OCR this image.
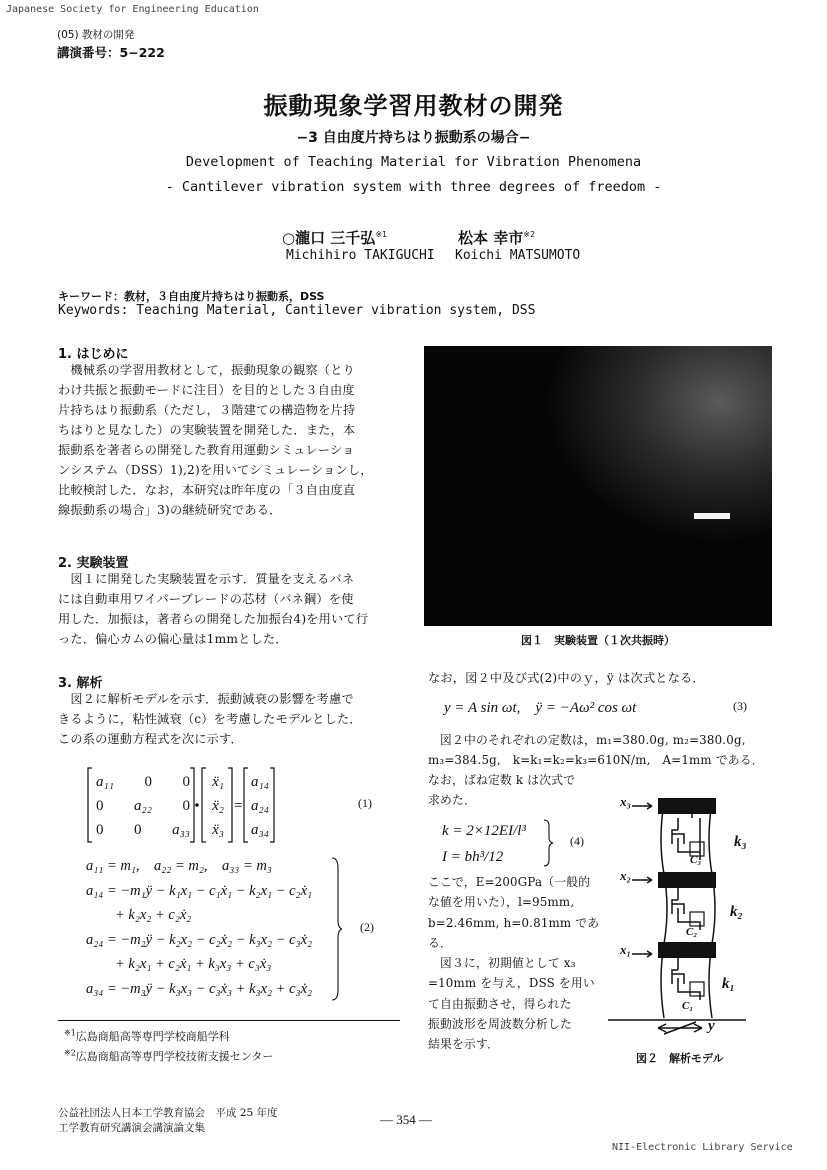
Japanese Society for Engineering Education
(05) 教材の開発
講演番号：5−222
振動現象学習用教材の開発
−3 自由度片持ちはり振動系の場合−
Development of Teaching Material for Vibration Phenomena
- Cantilever vibration system with three degrees of freedom -
○瀧口 三千弘$^{※1}$
Michihiro TAKIGUCHI
松本 幸市$^{※2}$
Koichi MATSUMOTO
キーワード：教材，３自由度片持ちはり振動系，DSS
Keywords: Teaching Material, Cantilever vibration system, DSS
1. はじめに
　機械系の学習用教材として，振動現象の観察（とり
わけ共振と振動モードに注目）を目的とした３自由度
片持ちはり振動系（ただし，３階建ての構造物を片持
ちはりと見なした）の実験装置を開発した．また，本
振動系を著者らの開発した教育用運動シミュレーショ
ンシステム（DSS）1),2)を用いてシミュレーションし，
比較検討した．なお，本研究は昨年度の「３自由度直
線振動系の場合」3)の継続研究である．
2. 実験装置
　図１に開発した実験装置を示す．質量を支えるバネ
には自動車用ワイパーブレードの芯材（バネ鋼）を使
用した．加振は，著者らの開発した加振台4)を用いて行
った．偏心カムの偏心量は1mmとした．	図１　実験装置（１次共振時）
3. 解析
　図２に解析モデルを示す．振動減衰の影響を考慮で
きるように，粘性減衰（c）を考慮したモデルとした．
この系の運動方程式を次に示す．
=
a₁₁ 0 0
0 a₂₂ 0
0 0 a₃₃
ẍ₁
ẍ₂
ẍ₃
a₁₄
a₂₄
a₃₄
(1)
a₁₁ = m₁,　a₂₂ = m₂,　a₃₃ = m₃
a₁₄ = −m₁ÿ − k₁x₁ − c₁ẋ₁ − k₂x₁ − c₂ẋ₁
　　+ k₂x₂ + c₂ẋ₂
a₂₄ = −m₂ÿ − k₂x₂ − c₂ẋ₂ − k₃x₂ − c₃ẋ₂
　　+ k₂x₁ + c₂ẋ₁ + k₃x₃ + c₃ẋ₃
a₃₄ = −m₃ÿ − k₃x₃ − c₃ẋ₃ + k₃x₂ + c₃ẋ₂
(2)
$^{※1}$広島商船高等専門学校商船学科
$^{※2}$広島商船高等専門学校技術支援センター
なお，図２中及び式(2)中のｙ，ÿ は次式となる．
y = A sin ωt,　ÿ = −Aω² cos ωt	(3)
　図２中のそれぞれの定数は，m₁=380.0g, m₂=380.0g,
m₃=384.5g,　k=k₁=k₂=k₃=610N/m,　A=1mm である．
なお，ばね定数 k は次式で
求めた．
k = 2×12EI/l³
I = bh³/12
(4)
ここで，E=200GPa（一般的
な値を用いた），l=95mm,
b=2.46mm, h=0.81mm であ
る．
　図３に，初期値として x₃
=10mm を与え，DSS を用い
て自由振動させ，得られた
振動波形を周波数分析した
結果を示す．
x₃
x₂
x₁
k₃
k₂
k₁
C₃
C₂
C₁
y
図２　解析モデル
公益社団法人日本工学教育協会　平成 25 年度
工学教育研究講演会講演論文集
— 354 —
NII-Electronic Library Service
